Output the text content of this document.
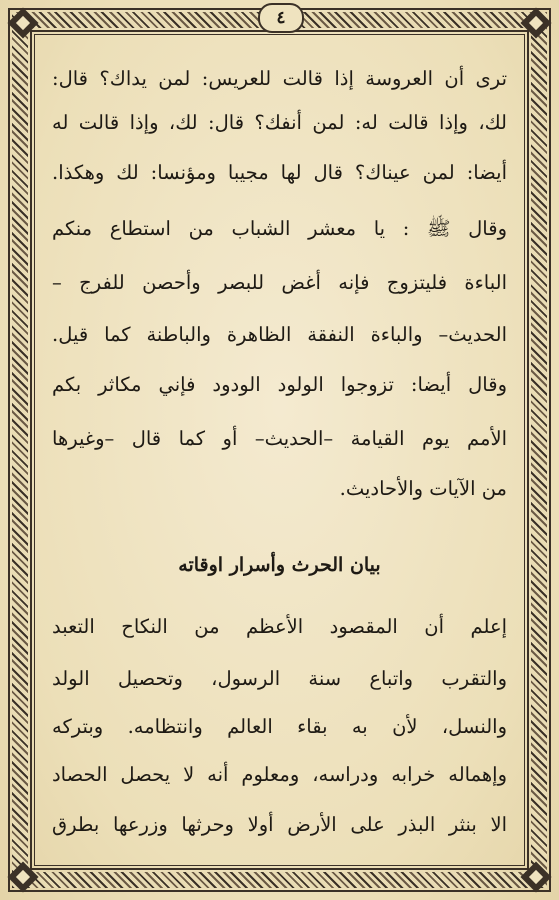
٤
ترى أن العروسة إذا قالت للعريس: لمن يداك؟ قال:
لك، وإذا قالت له: لمن أنفك؟ قال: لك، وإذا قالت له
أيضا: لمن عيناك؟ قال لها مجيبا ومؤنسا: لك وهكذا.
وقال ﷺ : يا معشر الشباب من استطاع منكم
الباءة فليتزوج فإنه أغض للبصر وأحصن للفرج –
الحديث– والباءة النفقة الظاهرة والباطنة كما قيل.
وقال أيضا: تزوجوا الولود الودود فإني مكاثر بكم
الأمم يوم القيامة –الحديث– أو كما قال –وغيرها
من الآيات والأحاديث.
بيان الحرث وأسرار اوقاته
إعلم أن المقصود الأعظم من النكاح التعبد
والتقرب واتباع سنة الرسول، وتحصيل الولد
والنسل، لأن به بقاء العالم وانتظامه. وبتركه
وإهماله خرابه ودراسه، ومعلوم أنه لا يحصل الحصاد
الا بنثر البذر على الأرض أولا وحرثها وزرعها بطرق
